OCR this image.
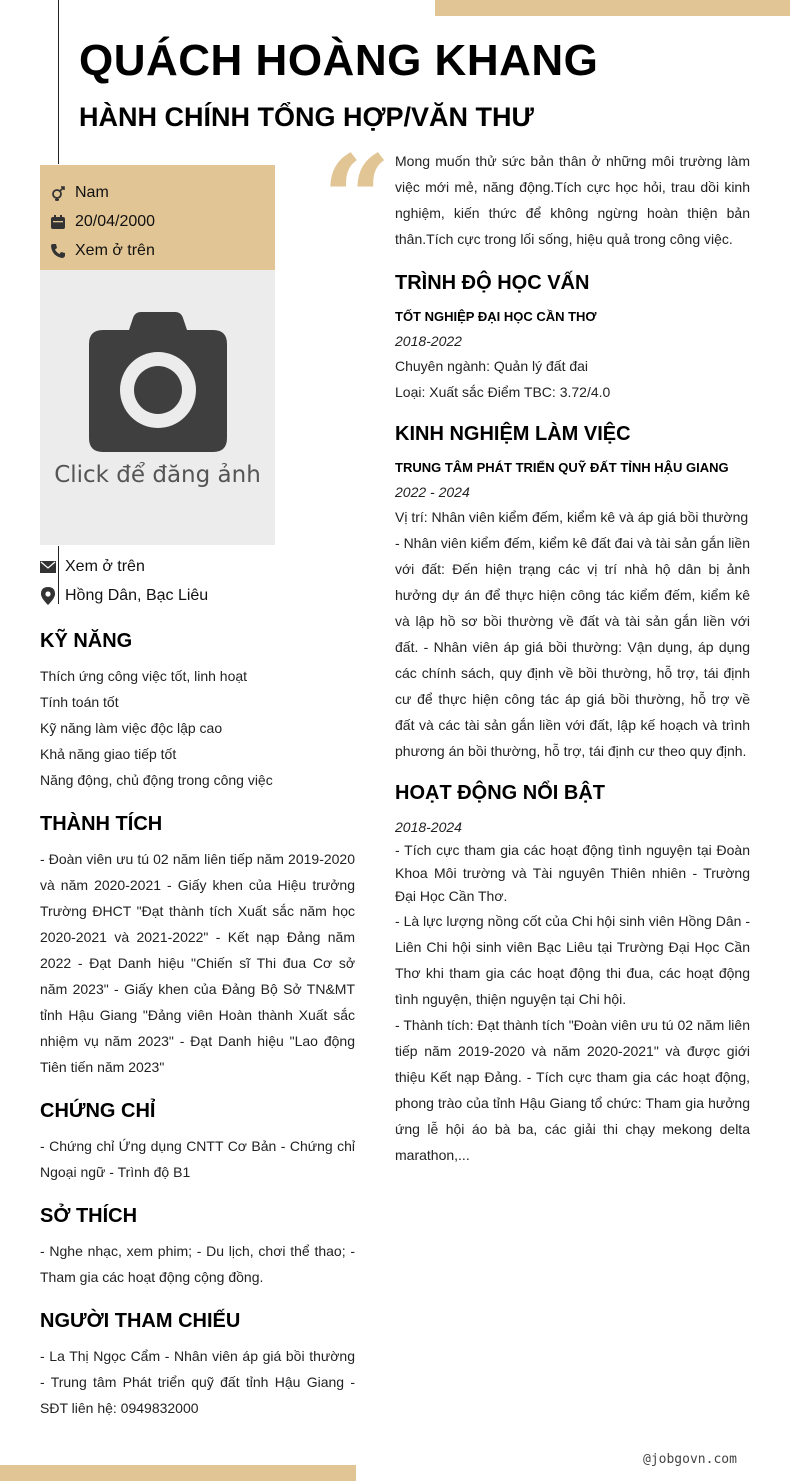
QUÁCH HOÀNG KHANG
HÀNH CHÍNH TỔNG HỢP/VĂN THƯ
Nam
20/04/2000
Xem ở trên
Click để đăng ảnh
Xem ở trên
Hồng Dân, Bạc Liêu
KỸ NĂNG
Thích ứng công việc tốt, linh hoạt
Tính toán tốt
Kỹ năng làm việc độc lập cao
Khả năng giao tiếp tốt
Năng động, chủ động trong công việc
THÀNH TÍCH
- Đoàn viên ưu tú 02 năm liên tiếp năm 2019-2020 và năm 2020-2021 - Giấy khen của Hiệu trưởng Trường ĐHCT "Đạt thành tích Xuất sắc năm học 2020-2021 và 2021-2022" - Kết nạp Đảng năm 2022 - Đạt Danh hiệu "Chiến sĩ Thi đua Cơ sở năm 2023" - Giấy khen của Đảng Bộ Sở TN&MT tỉnh Hậu Giang "Đảng viên Hoàn thành Xuất sắc nhiệm vụ năm 2023" - Đạt Danh hiệu "Lao động Tiên tiến năm 2023"
CHỨNG CHỈ
- Chứng chỉ Ứng dụng CNTT Cơ Bản - Chứng chỉ Ngoại ngữ - Trình độ B1
SỞ THÍCH
- Nghe nhạc, xem phim; - Du lịch, chơi thể thao; - Tham gia các hoạt động cộng đồng.
NGƯỜI THAM CHIẾU
- La Thị Ngọc Cẩm - Nhân viên áp giá bồi thường - Trung tâm Phát triển quỹ đất tỉnh Hậu Giang - SĐT liên hệ: 0949832000
“ Mong muốn thử sức bản thân ở những môi trường làm việc mới mẻ, năng động.Tích cực học hỏi, trau dồi kinh nghiệm, kiến thức để không ngừng hoàn thiện bản thân.Tích cực trong lối sống, hiệu quả trong công việc.
TRÌNH ĐỘ HỌC VẤN
TỐT NGHIỆP ĐẠI HỌC CẦN THƠ
2018-2022
Chuyên ngành: Quản lý đất đai
Loại: Xuất sắc Điểm TBC: 3.72/4.0
KINH NGHIỆM LÀM VIỆC
TRUNG TÂM PHÁT TRIỂN QUỸ ĐẤT TỈNH HẬU GIANG
2022 - 2024
Vị trí: Nhân viên kiểm đếm, kiểm kê và áp giá bồi thường
- Nhân viên kiểm đếm, kiểm kê đất đai và tài sản gắn liền với đất: Đến hiện trạng các vị trí nhà hộ dân bị ảnh hưởng dự án để thực hiện công tác kiểm đếm, kiểm kê và lập hồ sơ bồi thường về đất và tài sản gắn liền với đất. - Nhân viên áp giá bồi thường: Vận dụng, áp dụng các chính sách, quy định về bồi thường, hỗ trợ, tái định cư để thực hiện công tác áp giá bồi thường, hỗ trợ về đất và các tài sản gắn liền với đất, lập kế hoạch và trình phương án bồi thường, hỗ trợ, tái định cư theo quy định.
HOẠT ĐỘNG NỔI BẬT
2018-2024
- Tích cực tham gia các hoạt động tình nguyện tại Đoàn Khoa Môi trường và Tài nguyên Thiên nhiên - Trường Đại Học Cần Thơ.
- Là lực lượng nồng cốt của Chi hội sinh viên Hồng Dân - Liên Chi hội sinh viên Bạc Liêu tại Trường Đại Học Cần Thơ khi tham gia các hoạt động thi đua, các hoạt động tình nguyện, thiện nguyện tại Chi hội.
- Thành tích: Đạt thành tích "Đoàn viên ưu tú 02 năm liên tiếp năm 2019-2020 và năm 2020-2021" và được giới thiệu Kết nạp Đảng. - Tích cực tham gia các hoạt động, phong trào của tỉnh Hậu Giang tổ chức: Tham gia hưởng ứng lễ hội áo bà ba, các giải thi chạy mekong delta marathon,...
@jobgovn.com
